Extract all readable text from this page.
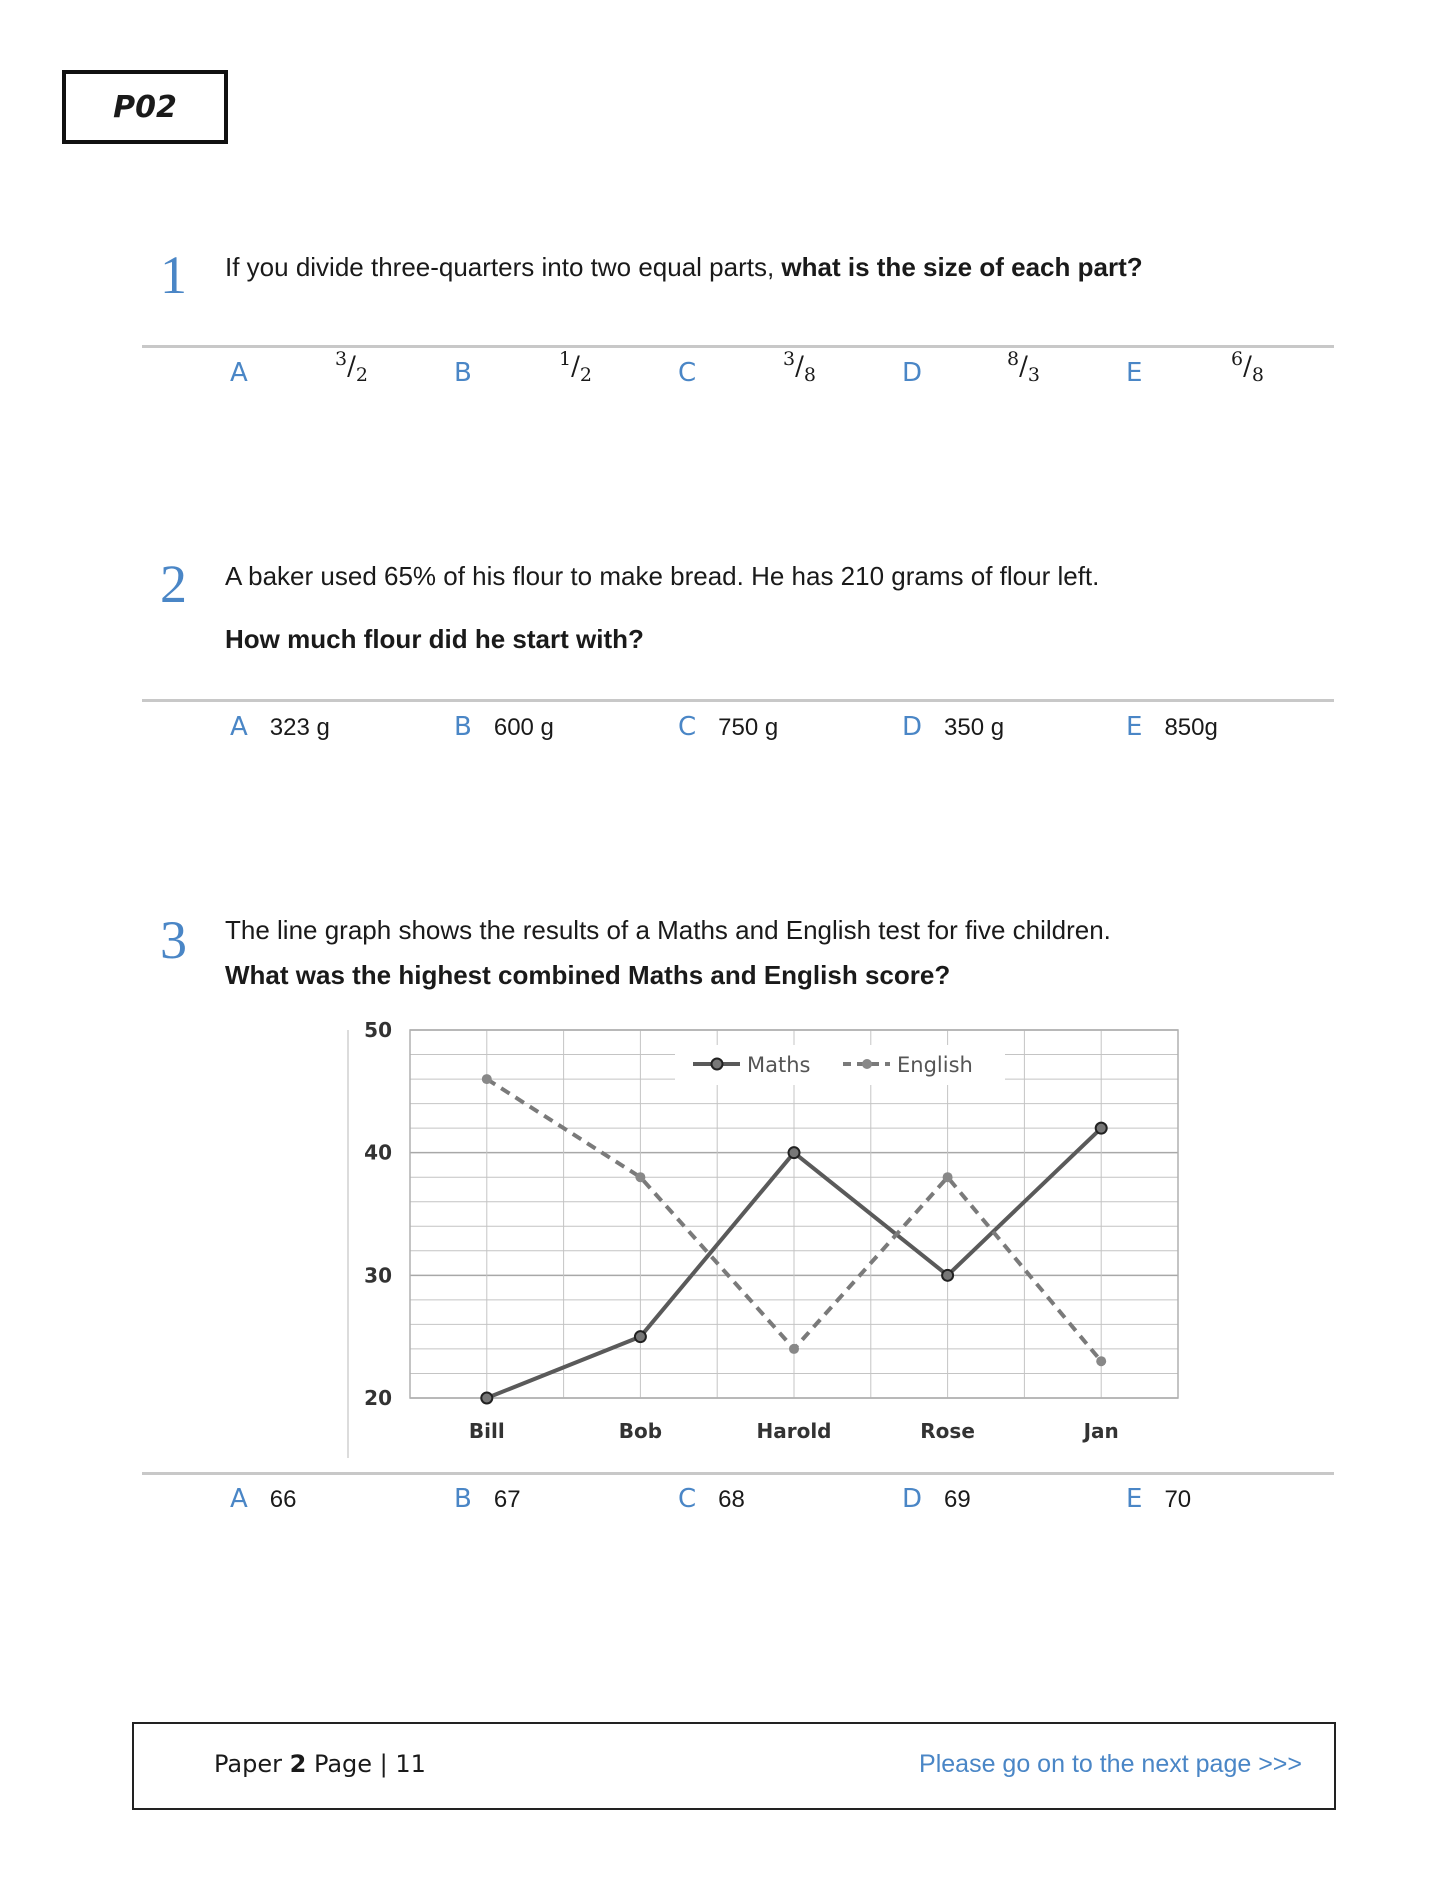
P02
1 If you divide three-quarters into two equal parts, what is the size of each part?
A	$^3/_2$	B	$^1/_2$	C	$^3/_8$	D	$^8/_3$	E	$^6/_8$
2 A baker used 65% of his flour to make bread. He has 210 grams of flour left.
How much flour did he start with?
A 323 g	B 600 g	C 750 g	D 350 g	E 850g
3 The line graph shows the results of a Maths and English test for five children.
What was the highest combined Maths and English score?
20
30
40
50
Bill	Bob	Harold	Rose	Jan
Maths	English
A 66	B 67	C 68	D 69	E 70
Paper 2 Page | 11	Please go on to the next page >>>
